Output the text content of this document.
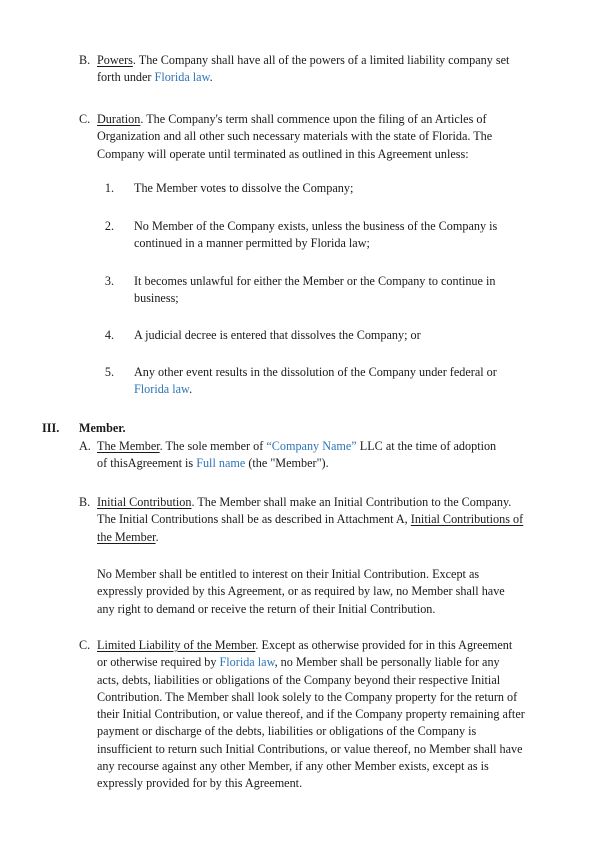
B. Powers. The Company shall have all of the powers of a limited liability company set
forth under Florida law.
C. Duration. The Company's term shall commence upon the filing of an Articles of
Organization and all other such necessary materials with the state of Florida. The
Company will operate until terminated as outlined in this Agreement unless:
1. The Member votes to dissolve the Company;
2. No Member of the Company exists, unless the business of the Company is
continued in a manner permitted by Florida law;
3. It becomes unlawful for either the Member or the Company to continue in
business;
4. A judicial decree is entered that dissolves the Company; or
5. Any other event results in the dissolution of the Company under federal or
Florida law.
III. Member.
A. The Member. The sole member of “Company Name” LLC at the time of adoption
of thisAgreement is Full name (the "Member").
B. Initial Contribution. The Member shall make an Initial Contribution to the Company.
The Initial Contributions shall be as described in Attachment A, Initial Contributions of
the Member.
No Member shall be entitled to interest on their Initial Contribution. Except as
expressly provided by this Agreement, or as required by law, no Member shall have
any right to demand or receive the return of their Initial Contribution.
C. Limited Liability of the Member. Except as otherwise provided for in this Agreement
or otherwise required by Florida law, no Member shall be personally liable for any
acts, debts, liabilities or obligations of the Company beyond their respective Initial
Contribution. The Member shall look solely to the Company property for the return of
their Initial Contribution, or value thereof, and if the Company property remaining after
payment or discharge of the debts, liabilities or obligations of the Company is
insufficient to return such Initial Contributions, or value thereof, no Member shall have
any recourse against any other Member, if any other Member exists, except as is
expressly provided for by this Agreement.
